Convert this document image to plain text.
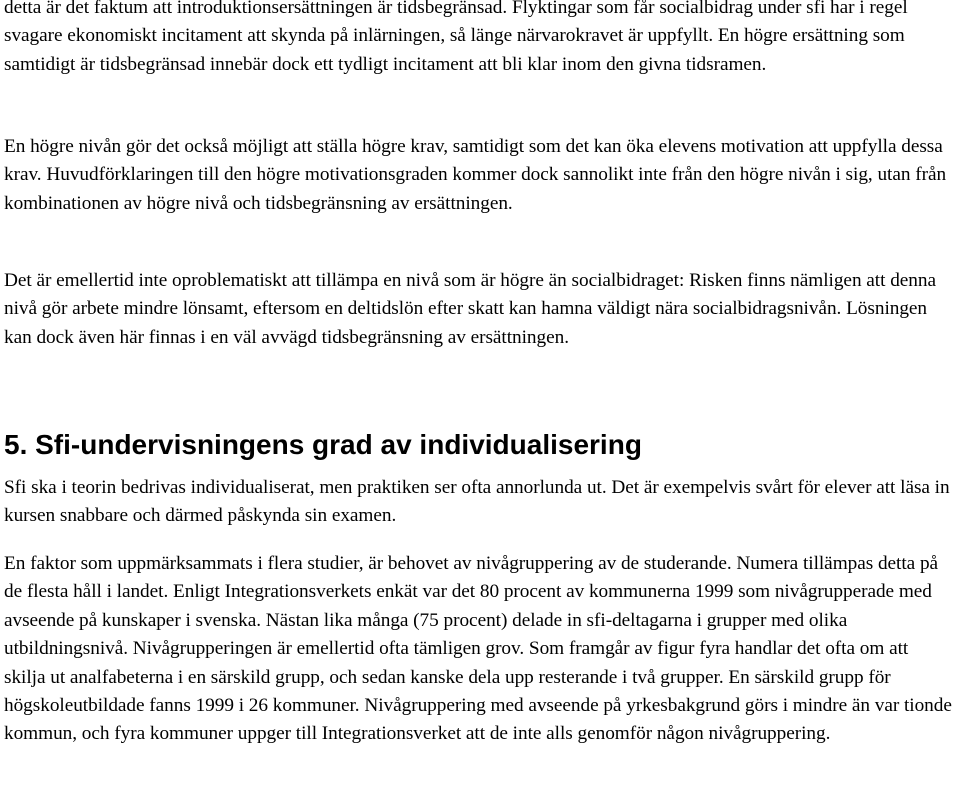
detta är det faktum att introduktionsersättningen är tidsbegränsad. Flyktingar som får socialbidrag under sfi har i regel svagare ekonomiskt incitament att skynda på inlärningen, så länge närvarokravet är uppfyllt. En högre ersättning som samtidigt är tidsbegränsad innebär dock ett tydligt incitament att bli klar inom den givna tidsramen.

En högre nivån gör det också möjligt att ställa högre krav, samtidigt som det kan öka elevens motivation att uppfylla dessa krav. Huvudförklaringen till den högre motivationsgraden kommer dock sannolikt inte från den högre nivån i sig, utan från kombinationen av högre nivå och tidsbegränsning av ersättningen.

Det är emellertid inte oproblematiskt att tillämpa en nivå som är högre än socialbidraget: Risken finns nämligen att denna nivå gör arbete mindre lönsamt, eftersom en deltidslön efter skatt kan hamna väldigt nära socialbidragsnivån. Lösningen kan dock även här finnas i en väl avvägd tidsbegränsning av ersättningen.

5. Sfi-undervisningens grad av individualisering

Sfi ska i teorin bedrivas individualiserat, men praktiken ser ofta annorlunda ut. Det är exempelvis svårt för elever att läsa in kursen snabbare och därmed påskynda sin examen.

En faktor som uppmärksammats i flera studier, är behovet av nivågruppering av de studerande. Numera tillämpas detta på de flesta håll i landet. Enligt Integrationsverkets enkät var det 80 procent av kommunerna 1999 som nivågrupperade med avseende på kunskaper i svenska. Nästan lika många (75 procent) delade in sfi-deltagarna i grupper med olika utbildningsnivå. Nivågrupperingen är emellertid ofta tämligen grov. Som framgår av figur fyra handlar det ofta om att skilja ut analfabeterna i en särskild grupp, och sedan kanske dela upp resterande i två grupper. En särskild grupp för högskoleutbildade fanns 1999 i 26 kommuner. Nivågruppering med avseende på yrkesbakgrund görs i mindre än var tionde kommun, och fyra kommuner uppger till Integrationsverket att de inte alls genomför någon nivågruppering.
